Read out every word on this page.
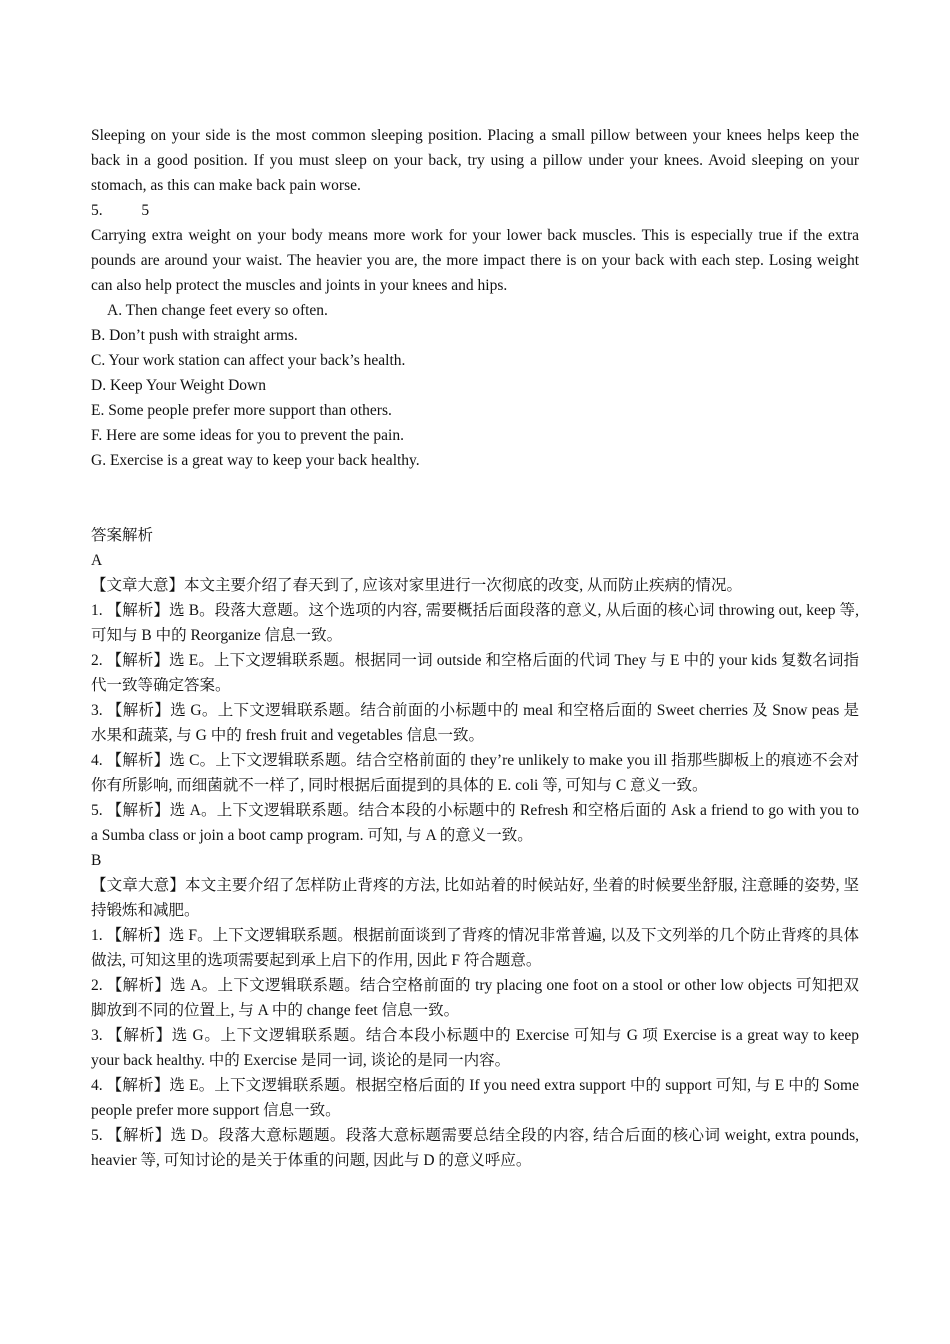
Sleeping on your side is the most common sleeping position. Placing a small pillow between your knees helps keep the back in a good position. If you must sleep on your back, try using a pillow under your knees. Avoid sleeping on your stomach, as this can make back pain worse.

5.          5

Carrying extra weight on your body means more work for your lower back muscles. This is especially true if the extra pounds are around your waist. The heavier you are, the more impact there is on your back with each step. Losing weight can also help protect the muscles and joints in your knees and hips.

A. Then change feet every so often.

B. Don’t push with straight arms.

C. Your work station can affect your back’s health.

D. Keep Your Weight Down

E. Some people prefer more support than others.

F. Here are some ideas for you to prevent the pain.

G. Exercise is a great way to keep your back healthy.

答案解析

A

【文章大意】本文主要介绍了春天到了, 应该对家里进行一次彻底的改变, 从而防止疾病的情况。

1. 【解析】选 B。段落大意题。这个选项的内容, 需要概括后面段落的意义, 从后面的核心词 throwing out, keep 等, 可知与 B 中的 Reorganize 信息一致。

2. 【解析】选 E。上下文逻辑联系题。根据同一词 outside 和空格后面的代词 They 与 E 中的 your kids 复数名词指代一致等确定答案。

3. 【解析】选 G。上下文逻辑联系题。结合前面的小标题中的 meal 和空格后面的 Sweet cherries 及 Snow peas 是水果和蔬菜, 与 G 中的 fresh fruit and vegetables 信息一致。

4. 【解析】选 C。上下文逻辑联系题。结合空格前面的 they’re unlikely to make you ill 指那些脚板上的痕迹不会对你有所影响, 而细菌就不一样了, 同时根据后面提到的具体的 E. coli 等, 可知与 C 意义一致。

5. 【解析】选 A。上下文逻辑联系题。结合本段的小标题中的 Refresh 和空格后面的 Ask a friend to go with you to a Sumba class or join a boot camp program. 可知, 与 A 的意义一致。

B

【文章大意】本文主要介绍了怎样防止背疼的方法, 比如站着的时候站好, 坐着的时候要坐舒服, 注意睡的姿势, 坚持锻炼和减肥。

1. 【解析】选 F。上下文逻辑联系题。根据前面谈到了背疼的情况非常普遍, 以及下文列举的几个防止背疼的具体做法, 可知这里的选项需要起到承上启下的作用, 因此 F 符合题意。

2. 【解析】选 A。上下文逻辑联系题。结合空格前面的 try placing one foot on a stool or other low objects 可知把双脚放到不同的位置上, 与 A 中的 change feet 信息一致。

3. 【解析】选 G。上下文逻辑联系题。结合本段小标题中的 Exercise 可知与 G 项 Exercise is a great way to keep your back healthy. 中的 Exercise 是同一词, 谈论的是同一内容。

4. 【解析】选 E。上下文逻辑联系题。根据空格后面的 If you need extra support 中的 support 可知, 与 E 中的 Some people prefer more support 信息一致。

5. 【解析】选 D。段落大意标题题。段落大意标题需要总结全段的内容, 结合后面的核心词 weight, extra pounds, heavier 等, 可知讨论的是关于体重的问题, 因此与 D 的意义呼应。
